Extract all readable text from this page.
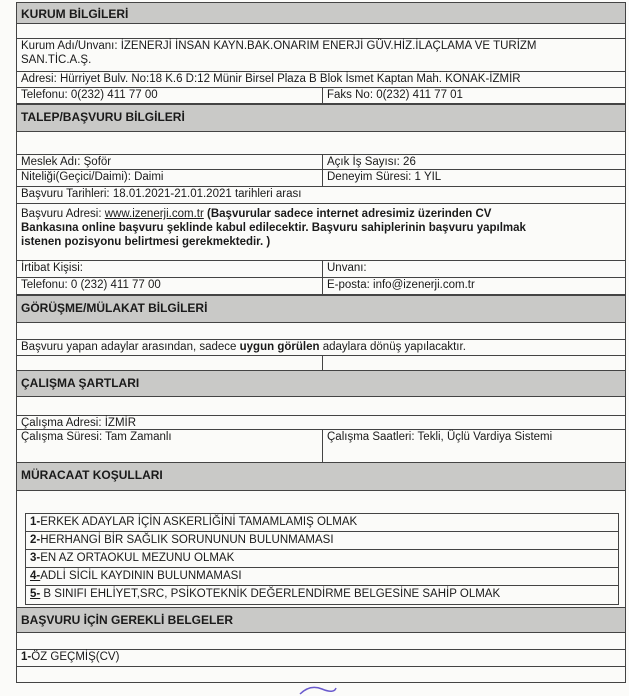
KURUM BİLGİLERİ
Kurum Adı/Unvanı: İZENERJİ İNSAN KAYN.BAK.ONARIM ENERJİ GÜV.HİZ.İLAÇLAMA VE TURİZM
SAN.TİC.A.Ş.
Adresi: Hürriyet Bulv. No:18 K.6 D:12 Münir Birsel Plaza B Blok İsmet Kaptan Mah. KONAK-İZMİR
Telefonu: 0(232) 411 77 00	Faks No: 0(232) 411 77 01
TALEP/BAŞVURU BİLGİLERİ
Meslek Adı: Şoför	Açık İş Sayısı: 26
Niteliği(Geçici/Daimi): Daimi	Deneyim Süresi: 1 YIL
Başvuru Tarihleri: 18.01.2021-21.01.2021 tarihleri arası
Başvuru Adresi: www.izenerji.com.tr (Başvurular sadece internet adresimiz üzerinden CV
Bankasına online başvuru şeklinde kabul edilecektir. Başvuru sahiplerinin başvuru yapılmak
istenen pozisyonu belirtmesi gerekmektedir. )
İrtibat Kişisi:	Unvanı:
Telefonu: 0 (232) 411 77 00	E-posta: info@izenerji.com.tr
GÖRÜŞME/MÜLAKAT BİLGİLERİ
Başvuru yapan adaylar arasından, sadece uygun görülen adaylara dönüş yapılacaktır.
ÇALIŞMA ŞARTLARI
Çalışma Adresi: İZMİR
Çalışma Süresi: Tam Zamanlı	Çalışma Saatleri: Tekli, Üçlü Vardiya Sistemi
MÜRACAAT KOŞULLARI
1-ERKEK ADAYLAR İÇİN ASKERLİĞİNİ TAMAMLAMIŞ OLMAK
2-HERHANGİ BİR SAĞLIK SORUNUNUN BULUNMAMASI
3-EN AZ ORTAOKUL MEZUNU OLMAK
4-ADLİ SİCİL KAYDININ BULUNMAMASI
5- B SINIFI EHLİYET,SRC, PSİKOTEKNİK DEĞERLENDİRME BELGESİNE SAHİP OLMAK
BAŞVURU İÇİN GEREKLİ BELGELER
1-ÖZ GEÇMİŞ(CV)
